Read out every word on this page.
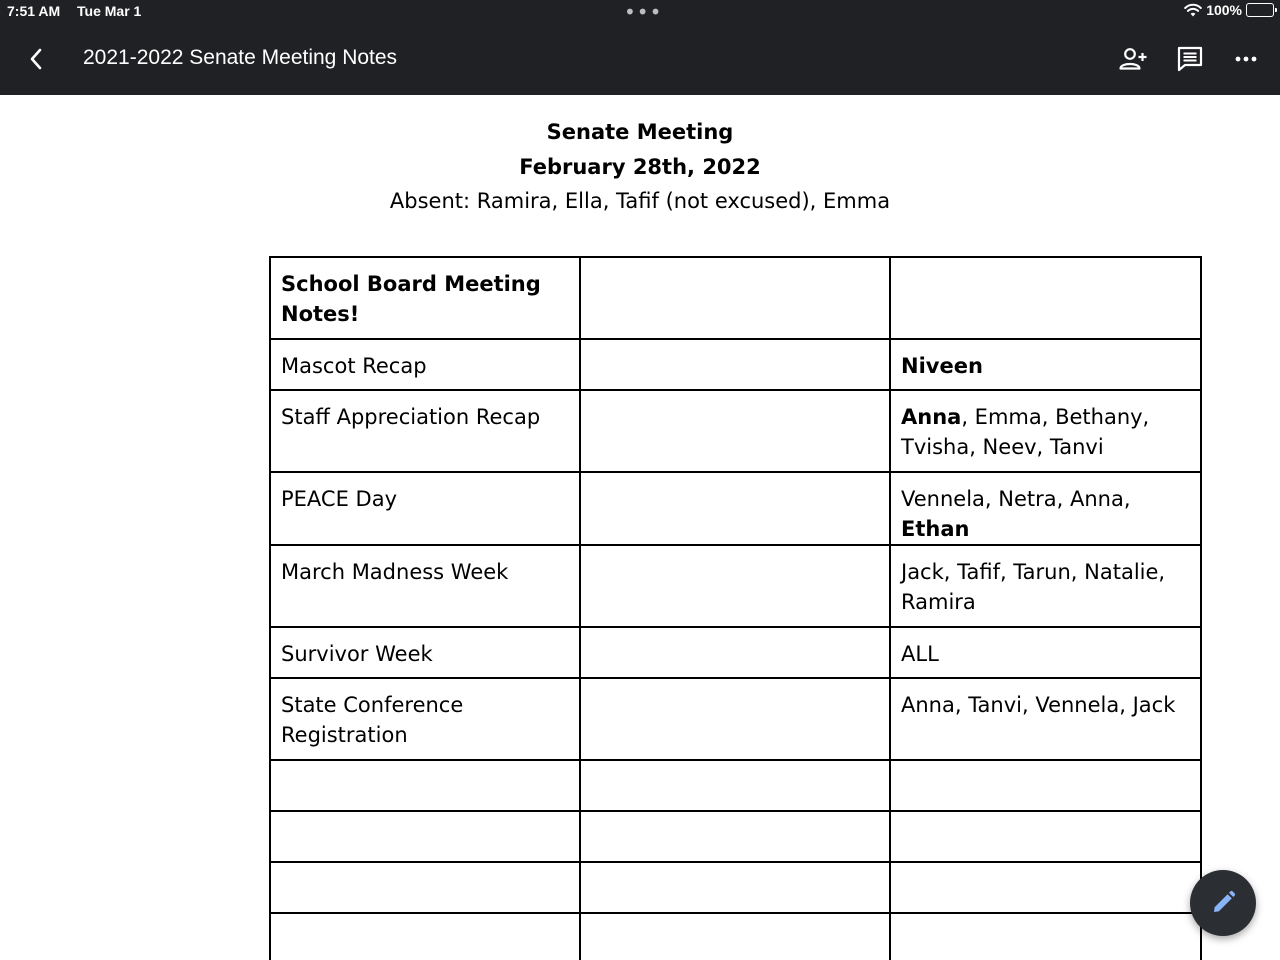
7:51 AM Tue Mar 1	•••	100%
2021-2022 Senate Meeting Notes
Senate Meeting
February 28th, 2022
Absent: Ramira, Ella, Tafif (not excused), Emma
School Board Meeting Notes!		
Mascot Recap		Niveen
Staff Appreciation Recap		Anna, Emma, Bethany, Tvisha, Neev, Tanvi
PEACE Day		Vennela, Netra, Anna, Ethan
March Madness Week		Jack, Tafif, Tarun, Natalie, Ramira
Survivor Week		ALL
State Conference Registration		Anna, Tanvi, Vennela, Jack
